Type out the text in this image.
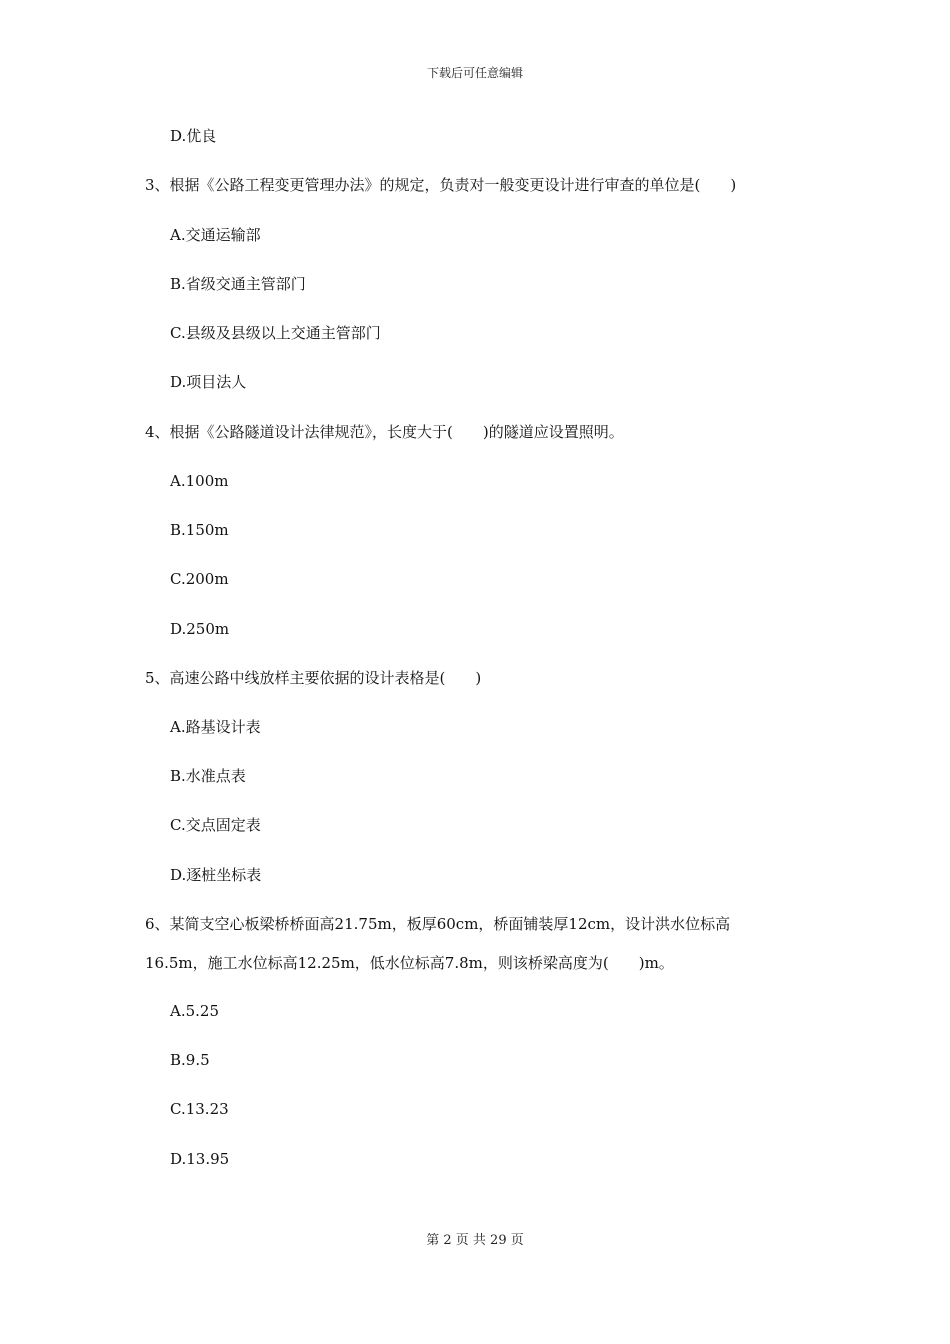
下载后可任意编辑
D.优良
3、根据《公路工程变更管理办法》的规定，负责对一般变更设计进行审查的单位是(　　)
A.交通运输部
B.省级交通主管部门
C.县级及县级以上交通主管部门
D.项目法人
4、根据《公路隧道设计法律规范》，长度大于(　　)的隧道应设置照明。
A.100m
B.150m
C.200m
D.250m
5、高速公路中线放样主要依据的设计表格是(　　)
A.路基设计表
B.水准点表
C.交点固定表
D.逐桩坐标表
6、某简支空心板梁桥桥面高21.75m，板厚60cm，桥面铺装厚12cm，设计洪水位标高
16.5m，施工水位标高12.25m，低水位标高7.8m，则该桥梁高度为(　　)m。
A.5.25
B.9.5
C.13.23
D.13.95
第 2 页 共 29 页
